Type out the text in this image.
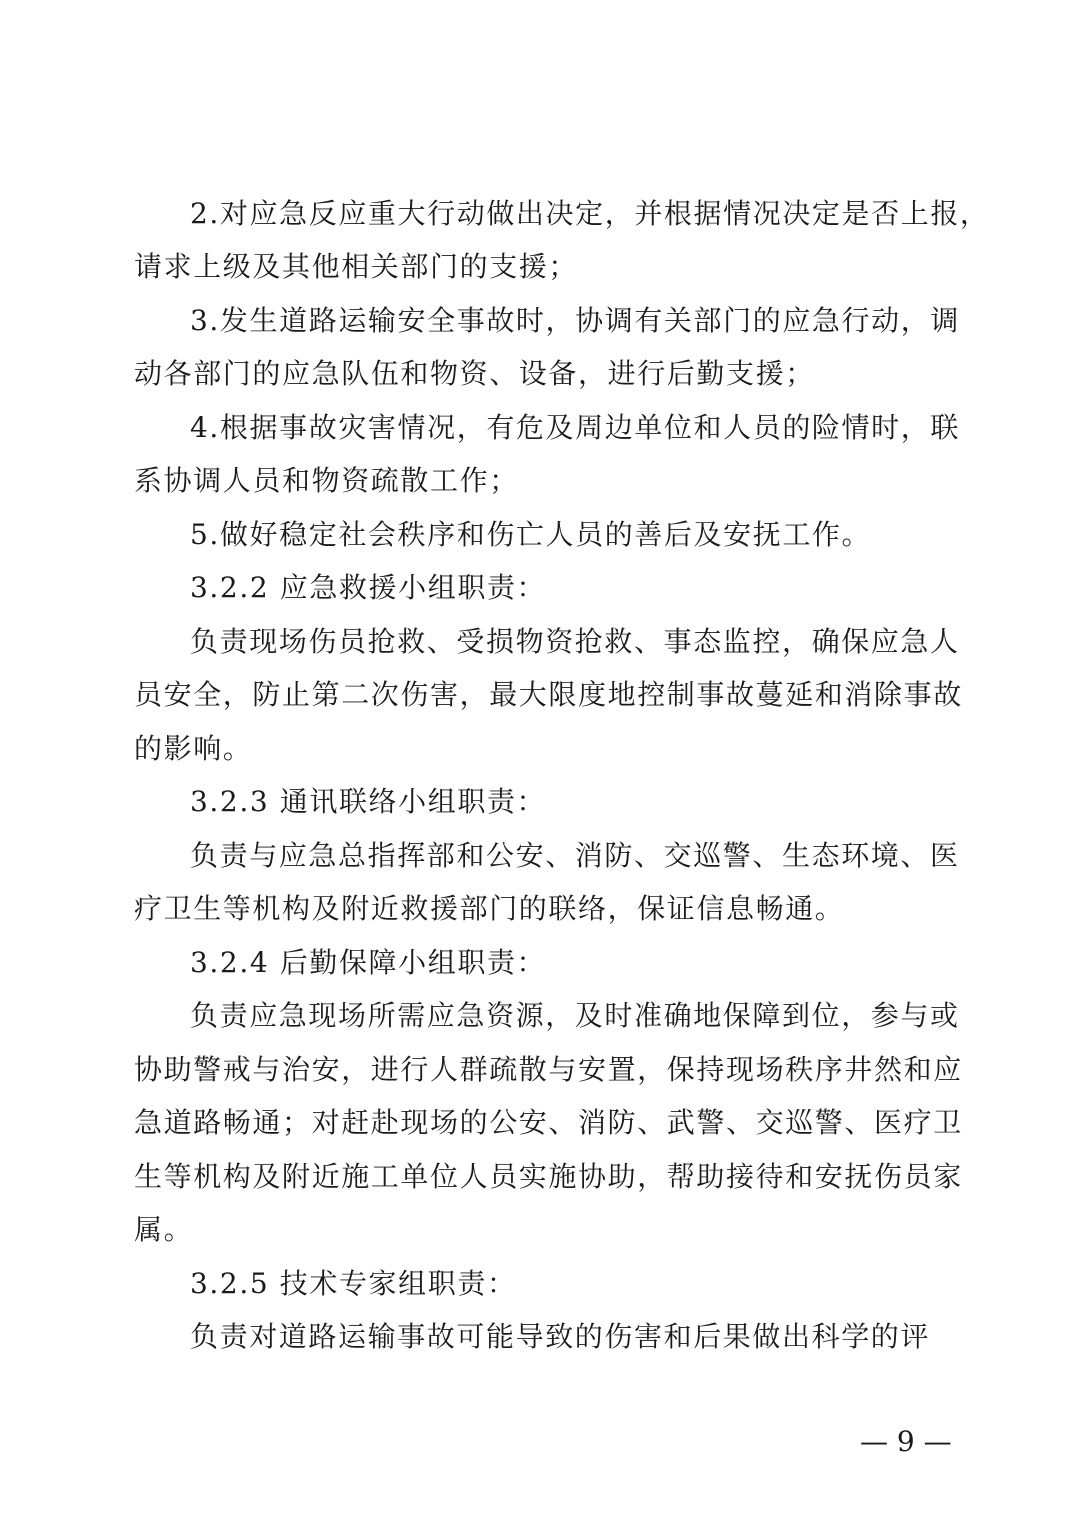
2.对应急反应重大行动做出决定，并根据情况决定是否上报，
请求上级及其他相关部门的支援；
3.发生道路运输安全事故时，协调有关部门的应急行动，调
动各部门的应急队伍和物资、设备，进行后勤支援；
4.根据事故灾害情况，有危及周边单位和人员的险情时，联
系协调人员和物资疏散工作；
5.做好稳定社会秩序和伤亡人员的善后及安抚工作。
3.2.2 应急救援小组职责：
负责现场伤员抢救、受损物资抢救、事态监控，确保应急人
员安全，防止第二次伤害，最大限度地控制事故蔓延和消除事故
的影响。
3.2.3 通讯联络小组职责：
负责与应急总指挥部和公安、消防、交巡警、生态环境、医
疗卫生等机构及附近救援部门的联络，保证信息畅通。
3.2.4 后勤保障小组职责：
负责应急现场所需应急资源，及时准确地保障到位，参与或
协助警戒与治安，进行人群疏散与安置，保持现场秩序井然和应
急道路畅通；对赶赴现场的公安、消防、武警、交巡警、医疗卫
生等机构及附近施工单位人员实施协助，帮助接待和安抚伤员家
属。
3.2.5 技术专家组职责：
负责对道路运输事故可能导致的伤害和后果做出科学的评
— 9 —
